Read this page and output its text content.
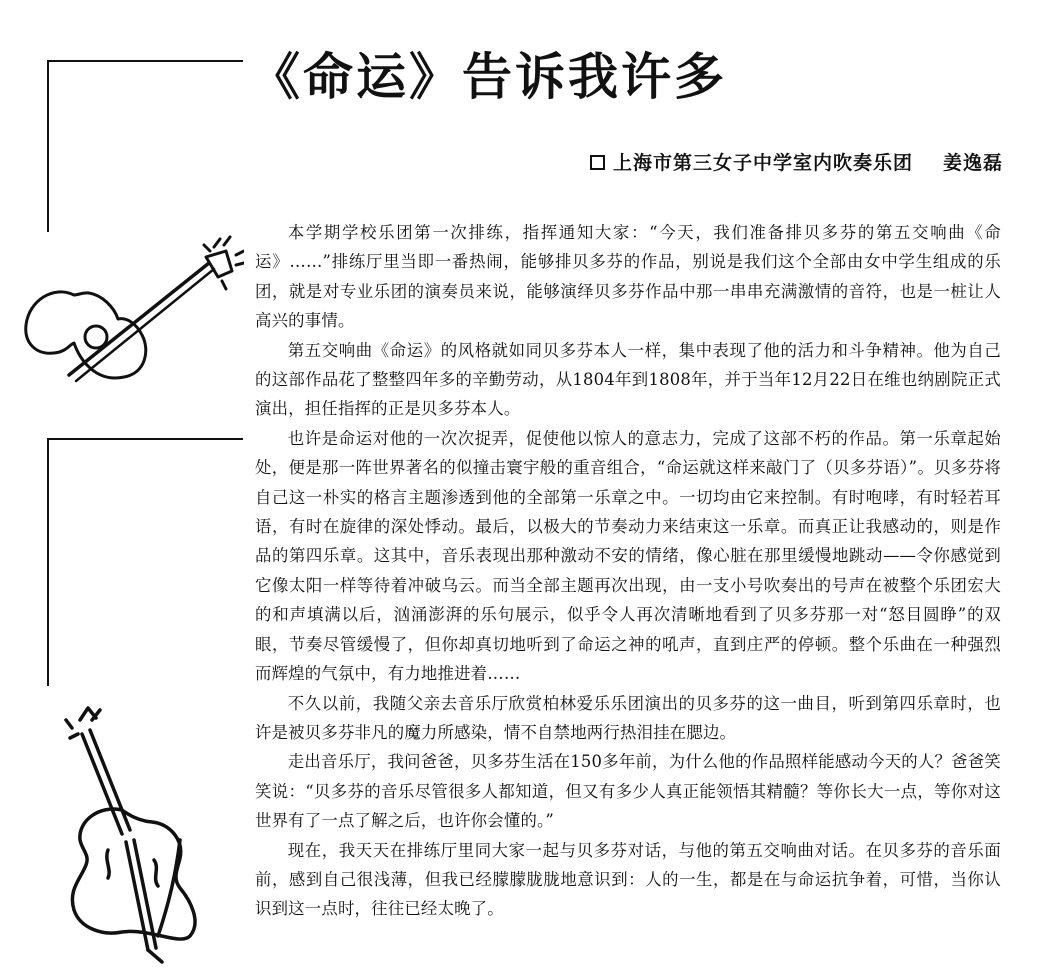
《命运》告诉我许多
上海市第三女子中学室内吹奏乐团 姜逸磊

本学期学校乐团第一次排练，指挥通知大家：“今天，我们准备排贝多芬的第五交响曲《命运》……”排练厅里当即一番热闹，能够排贝多芬的作品，别说是我们这个全部由女中学生组成的乐团，就是对专业乐团的演奏员来说，能够演绎贝多芬作品中那一串串充满激情的音符，也是一桩让人高兴的事情。

第五交响曲《命运》的风格就如同贝多芬本人一样，集中表现了他的活力和斗争精神。他为自己的这部作品花了整整四年多的辛勤劳动，从1804年到1808年，并于当年12月22日在维也纳剧院正式演出，担任指挥的正是贝多芬本人。

也许是命运对他的一次次捉弄，促使他以惊人的意志力，完成了这部不朽的作品。第一乐章起始处，便是那一阵世界著名的似撞击寰宇般的重音组合，“命运就这样来敲门了（贝多芬语）”。贝多芬将自己这一朴实的格言主题渗透到他的全部第一乐章之中。一切均由它来控制。有时咆哮，有时轻若耳语，有时在旋律的深处悸动。最后，以极大的节奏动力来结束这一乐章。而真正让我感动的，则是作品的第四乐章。这其中，音乐表现出那种激动不安的情绪，像心脏在那里缓慢地跳动——令你感觉到它像太阳一样等待着冲破乌云。而当全部主题再次出现，由一支小号吹奏出的号声在被整个乐团宏大的和声填满以后，汹涌澎湃的乐句展示，似乎令人再次清晰地看到了贝多芬那一对“怒目圆睁”的双眼，节奏尽管缓慢了，但你却真切地听到了命运之神的吼声，直到庄严的停顿。整个乐曲在一种强烈而辉煌的气氛中，有力地推进着……

不久以前，我随父亲去音乐厅欣赏柏林爱乐乐团演出的贝多芬的这一曲目，听到第四乐章时，也许是被贝多芬非凡的魔力所感染，情不自禁地两行热泪挂在腮边。

走出音乐厅，我问爸爸，贝多芬生活在150多年前，为什么他的作品照样能感动今天的人？爸爸笑笑说：“贝多芬的音乐尽管很多人都知道，但又有多少人真正能领悟其精髓？等你长大一点，等你对这世界有了一点了解之后，也许你会懂的。”

现在，我天天在排练厅里同大家一起与贝多芬对话，与他的第五交响曲对话。在贝多芬的音乐面前，感到自己很浅薄，但我已经朦朦胧胧地意识到：人的一生，都是在与命运抗争着，可惜，当你认识到这一点时，往往已经太晚了。
